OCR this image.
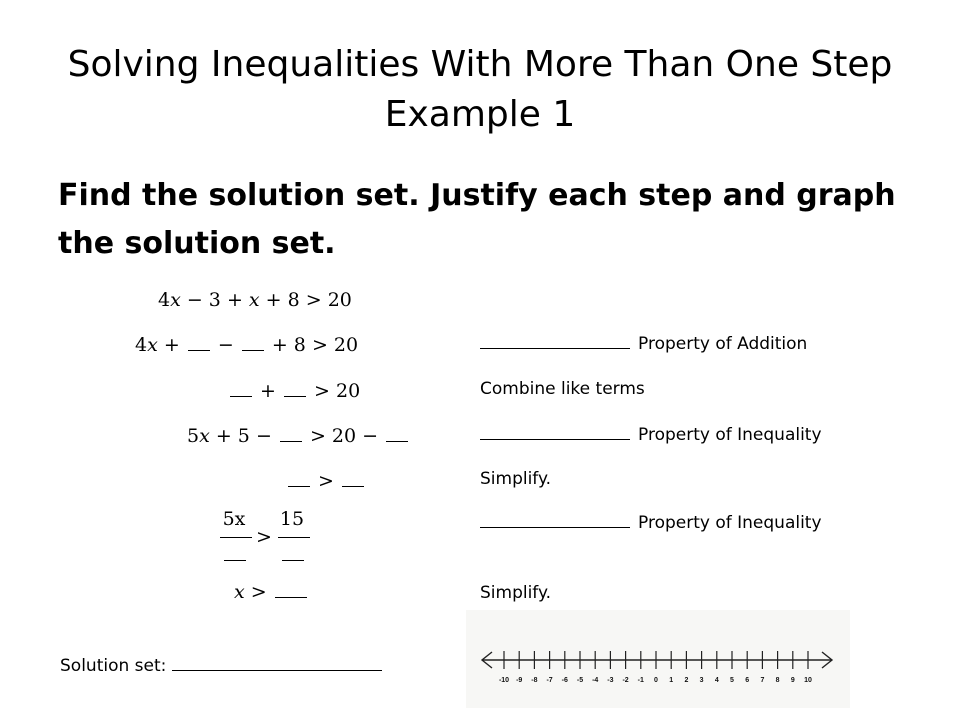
Solving Inequalities With More Than One Step
Example 1
Find the solution set. Justify each step and graph the solution set.
4x − 3 + x + 8 > 20
4x +  −  + 8 > 20	Property of Addition
+  > 20	Combine like terms
5x + 5 −  > 20 −	Property of Inequality
>	Simplify.
5x
>
15	Property of Inequality
x >	Simplify.
Solution set:
-10 -9 -8 -7 -6 -5 -4 -3 -2 -1 0 1 2 3 4 5 6 7 8 9 10
